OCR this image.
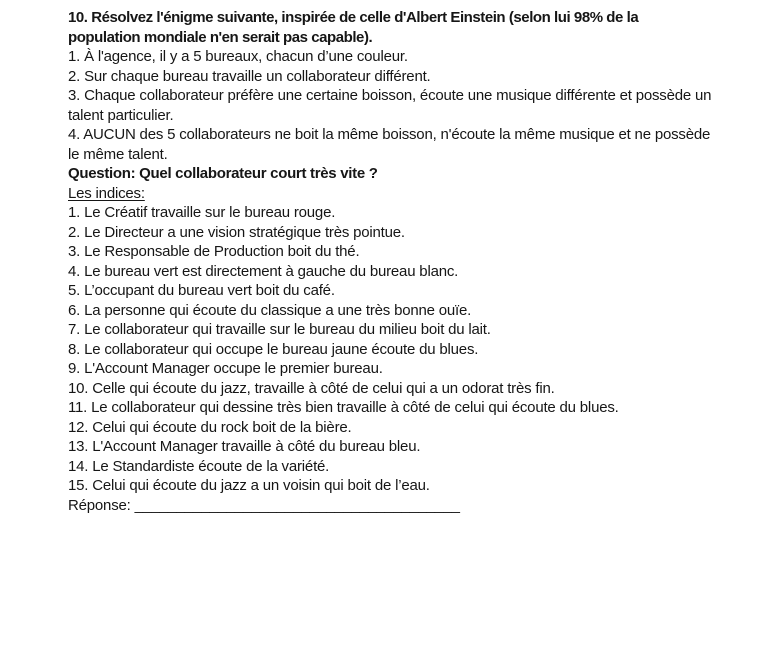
10. Résolvez l'énigme suivante, inspirée de celle d'Albert Einstein (selon lui 98% de la population mondiale n'en serait pas capable).

1. À l'agence, il y a 5 bureaux, chacun d’une couleur.

2. Sur chaque bureau travaille un collaborateur différent.

3. Chaque collaborateur préfère une certaine boisson, écoute une musique différente et possède un talent particulier.

4. AUCUN des 5 collaborateurs ne boit la même boisson, n'écoute la même musique et ne possède le même talent.

Question: Quel collaborateur court très vite ?

Les indices:

1. Le Créatif travaille sur le bureau rouge.

2. Le Directeur a une vision stratégique très pointue.

3. Le Responsable de Production boit du thé.

4. Le bureau vert est directement à gauche du bureau blanc.

5. L’occupant du bureau vert boit du café.

6. La personne qui écoute du classique a une très bonne ouïe.

7. Le collaborateur qui travaille sur le bureau du milieu boit du lait.

8. Le collaborateur qui occupe le bureau jaune écoute du blues.

9. L'Account Manager occupe le premier bureau.

10. Celle qui écoute du jazz, travaille à côté de celui qui a un odorat très fin.

11. Le collaborateur qui dessine très bien travaille à côté de celui qui écoute du blues.

12. Celui qui écoute du rock boit de la bière.

13. L'Account Manager travaille à côté du bureau bleu.

14. Le Standardiste écoute de la variété.

15. Celui qui écoute du jazz a un voisin qui boit de l’eau.

Réponse: _______________________________________
